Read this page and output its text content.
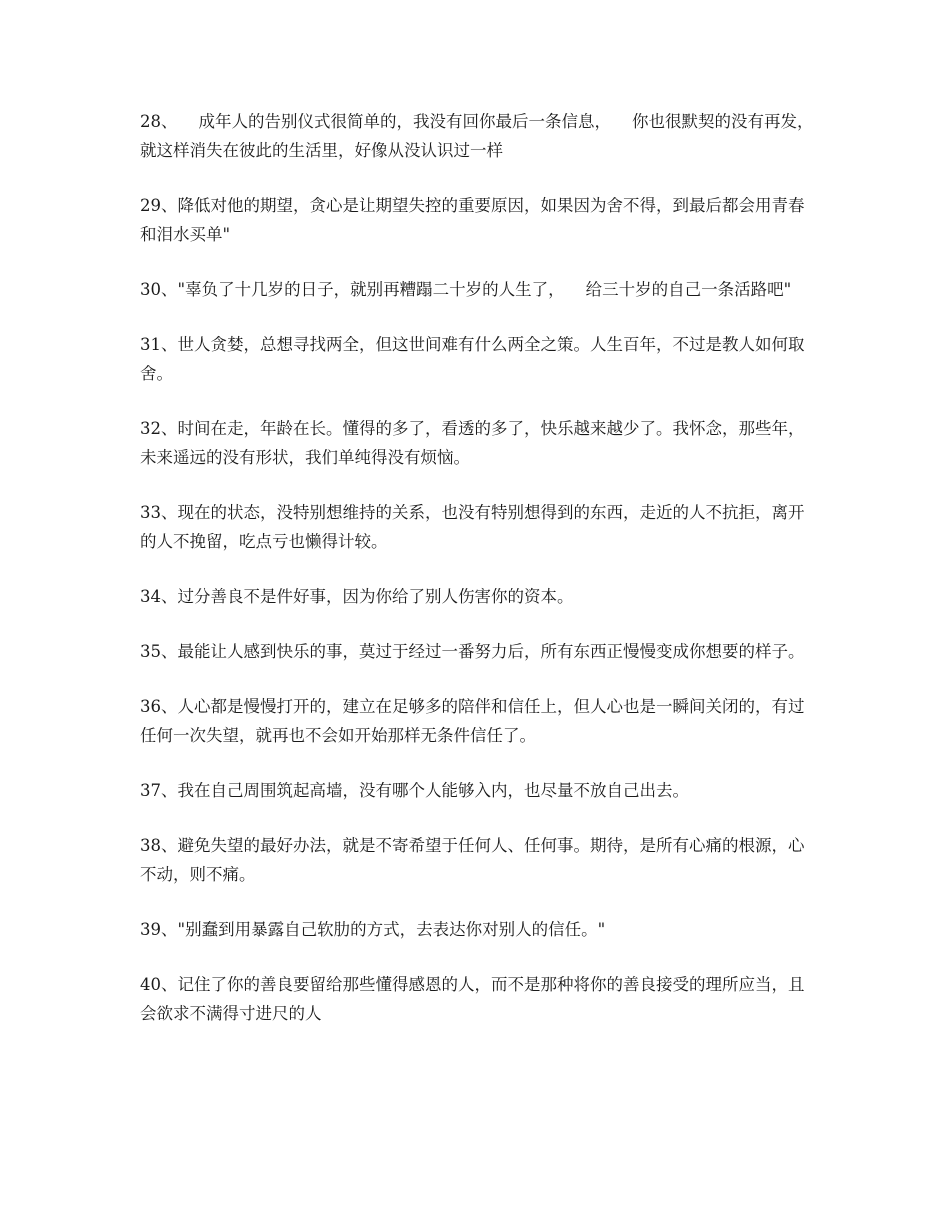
28、    成年人的告别仪式很简单的，我没有回你最后一条信息，    你也很默契的没有再发，    就这样消失在彼此的生活里，好像从没认识过一样

29、降低对他的期望，贪心是让期望失控的重要原因，如果因为舍不得，到最后都会用青春和泪水买单"

30、"辜负了十几岁的日子，就别再糟蹋二十岁的人生了，    给三十岁的自己一条活路吧"

31、世人贪婪，总想寻找两全，但这世间难有什么两全之策。人生百年，不过是教人如何取舍。

32、时间在走，年龄在长。懂得的多了，看透的多了，快乐越来越少了。我怀念，那些年，未来遥远的没有形状，我们单纯得没有烦恼。

33、现在的状态，没特别想维持的关系，也没有特别想得到的东西，走近的人不抗拒，离开的人不挽留，吃点亏也懒得计较。

34、过分善良不是件好事，因为你给了别人伤害你的资本。

35、最能让人感到快乐的事，莫过于经过一番努力后，所有东西正慢慢变成你想要的样子。

36、人心都是慢慢打开的，建立在足够多的陪伴和信任上，但人心也是一瞬间关闭的，有过任何一次失望，就再也不会如开始那样无条件信任了。

37、我在自己周围筑起高墙，没有哪个人能够入内，也尽量不放自己出去。

38、避免失望的最好办法，就是不寄希望于任何人、任何事。期待，是所有心痛的根源，心不动，则不痛。

39、"别蠢到用暴露自己软肋的方式，去表达你对别人的信任。"

40、记住了你的善良要留给那些懂得感恩的人，而不是那种将你的善良接受的理所应当，且会欲求不满得寸进尺的人
